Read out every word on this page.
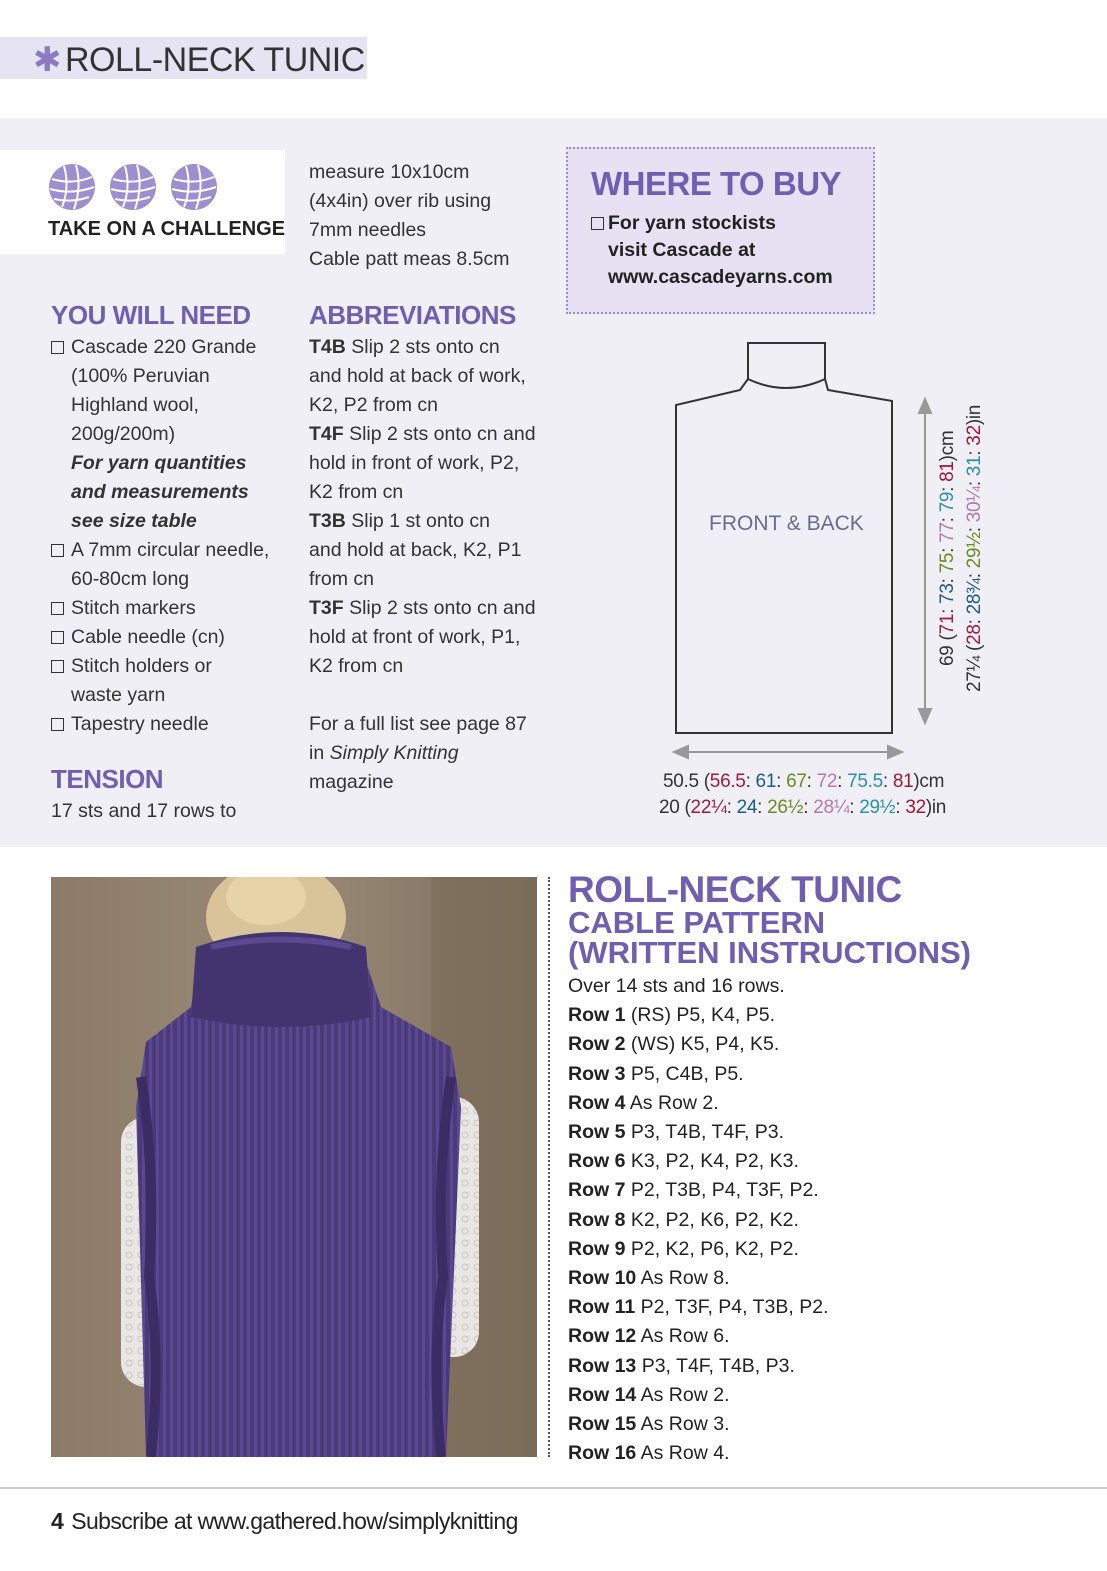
✱ ROLL-NECK TUNIC
TAKE ON A CHALLENGE
YOU WILL NEED
Cascade 220 Grande
(100% Peruvian
Highland wool,
200g/200m)
For yarn quantities
and measurements
see size table
A 7mm circular needle,
60-80cm long
Stitch markers
Cable needle (cn)
Stitch holders or
waste yarn
Tapestry needle
TENSION
17 sts and 17 rows to
measure 10x10cm
(4x4in) over rib using
7mm needles
Cable patt meas 8.5cm
ABBREVIATIONS
T4B Slip 2 sts onto cn
and hold at back of work,
K2, P2 from cn
T4F Slip 2 sts onto cn and
hold in front of work, P2,
K2 from cn
T3B Slip 1 st onto cn
and hold at back, K2, P1
from cn
T3F Slip 2 sts onto cn and
hold at front of work, P1,
K2 from cn
For a full list see page 87
in Simply Knitting
magazine
WHERE TO BUY
For yarn stockists
visit Cascade at
www.cascadeyarns.com
FRONT & BACK
69 (71: 73: 75: 77: 79: 81)cm
27¼ (28: 28¾: 29½: 30¼: 31: 32)in
50.5 (56.5: 61: 67: 72: 75.5: 81)cm
20 (22¼: 24: 26½: 28¼: 29½: 32)in
ROLL-NECK TUNIC
CABLE PATTERN
(WRITTEN INSTRUCTIONS)
Over 14 sts and 16 rows.
Row 1 (RS) P5, K4, P5.
Row 2 (WS) K5, P4, K5.
Row 3 P5, C4B, P5.
Row 4 As Row 2.
Row 5 P3, T4B, T4F, P3.
Row 6 K3, P2, K4, P2, K3.
Row 7 P2, T3B, P4, T3F, P2.
Row 8 K2, P2, K6, P2, K2.
Row 9 P2, K2, P6, K2, P2.
Row 10 As Row 8.
Row 11 P2, T3F, P4, T3B, P2.
Row 12 As Row 6.
Row 13 P3, T4F, T4B, P3.
Row 14 As Row 2.
Row 15 As Row 3.
Row 16 As Row 4.
4 Subscribe at www.gathered.how/simplyknitting
